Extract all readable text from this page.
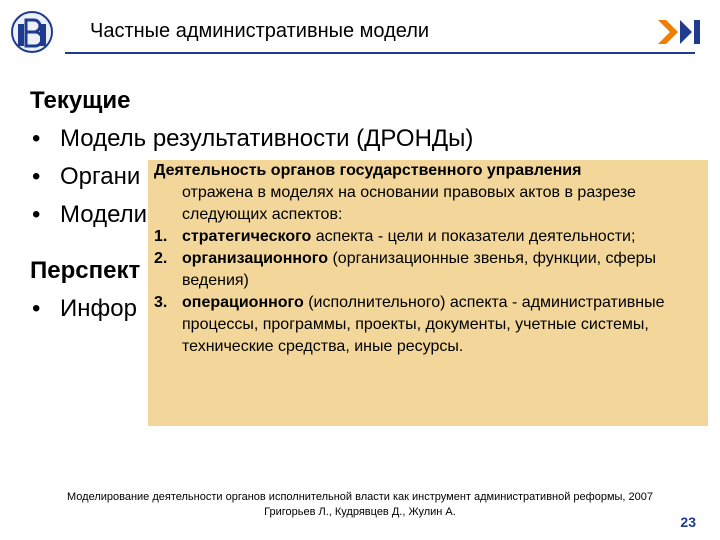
Частные административные модели
Текущие
• Модель результативности (ДРОНДы)
• Органи
• Модели
Перспект
• Инфор
Деятельность органов государственного управления
отражена в моделях на основании правовых актов в разрезе следующих аспектов:
1. стратегического аспекта - цели и показатели деятельности;
2. организационного (организационные звенья, функции, сферы ведения)
3. операционного (исполнительного) аспекта - административные процессы, программы, проекты, документы, учетные системы, технические средства, иные ресурсы.
Моделирование деятельности органов исполнительной власти как инструмент административной реформы, 2007
Григорьев Л., Кудрявцев Д., Жулин А.
23
